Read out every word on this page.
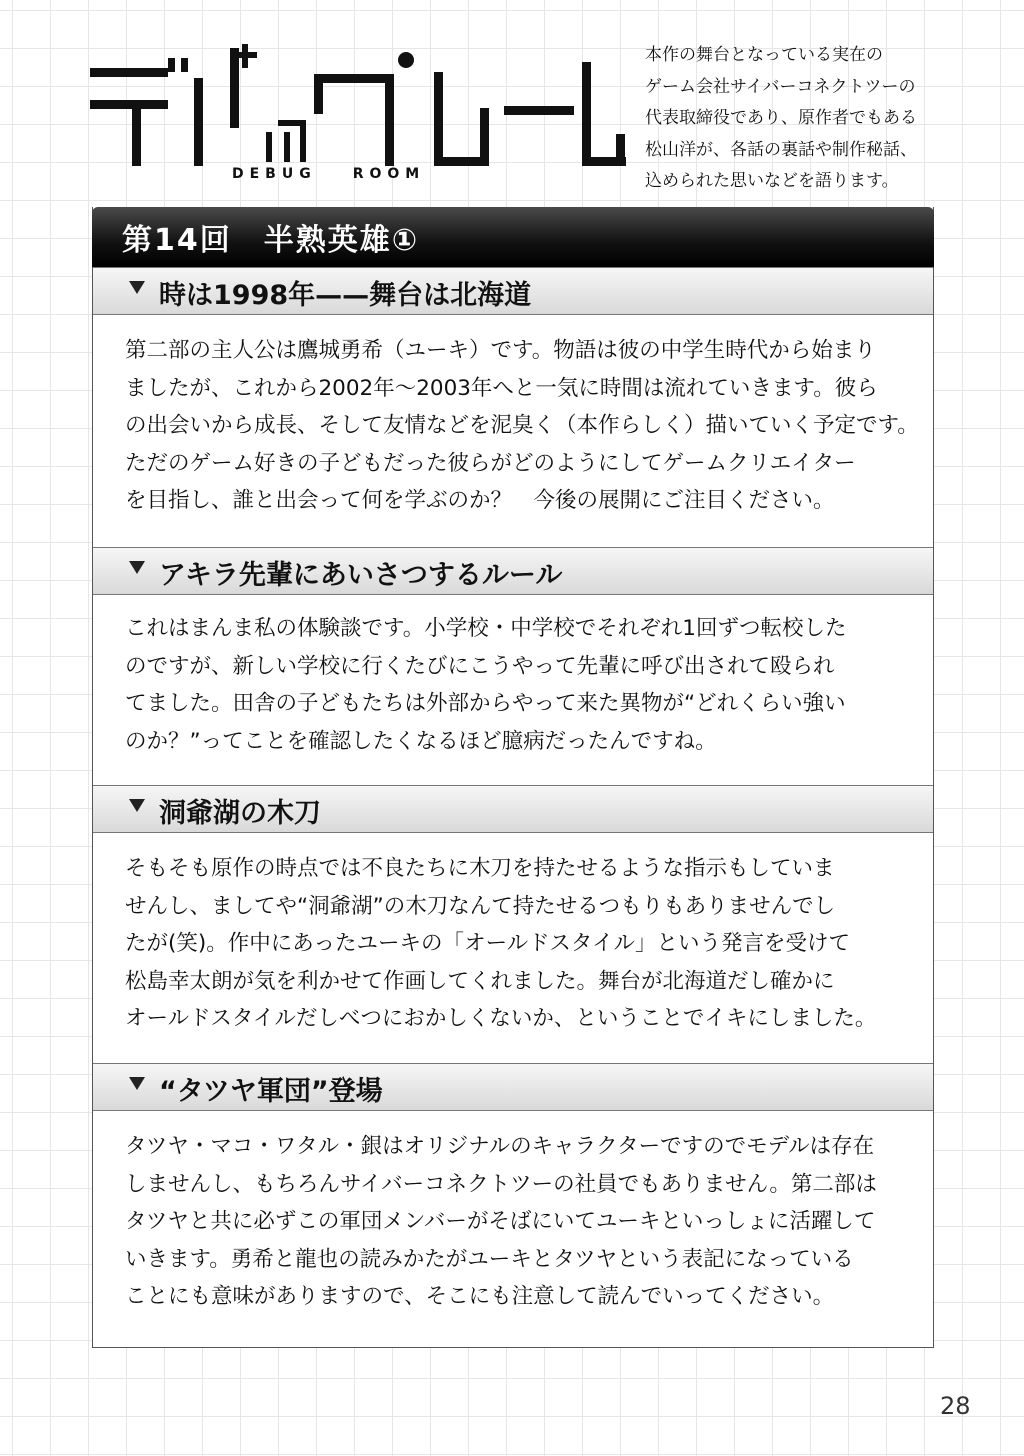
DEBUG	ROOM
本作の舞台となっている実在の
ゲーム会社サイバーコネクトツーの
代表取締役であり、原作者でもある
松山洋が、各話の裏話や制作秘話、
込められた思いなどを語ります。
第14回　半熟英雄①
時は1998年——舞台は北海道
第二部の主人公は鷹城勇希（ユーキ）です。物語は彼の中学生時代から始まり
ましたが、これから2002年～2003年へと一気に時間は流れていきます。彼ら
の出会いから成長、そして友情などを泥臭く（本作らしく）描いていく予定です。
ただのゲーム好きの子どもだった彼らがどのようにしてゲームクリエイター
を目指し、誰と出会って何を学ぶのか？　今後の展開にご注目ください。
アキラ先輩にあいさつするルール
これはまんま私の体験談です。小学校・中学校でそれぞれ1回ずつ転校した
のですが、新しい学校に行くたびにこうやって先輩に呼び出されて殴られ
てました。田舎の子どもたちは外部からやって来た異物が“どれくらい強い
のか？”ってことを確認したくなるほど臆病だったんですね。
洞爺湖の木刀
そもそも原作の時点では不良たちに木刀を持たせるような指示もしていま
せんし、ましてや“洞爺湖”の木刀なんて持たせるつもりもありませんでし
たが(笑)。作中にあったユーキの「オールドスタイル」という発言を受けて
松島幸太朗が気を利かせて作画してくれました。舞台が北海道だし確かに
オールドスタイルだしべつにおかしくないか、ということでイキにしました。
“タツヤ軍団”登場
タツヤ・マコ・ワタル・銀はオリジナルのキャラクターですのでモデルは存在
しませんし、もちろんサイバーコネクトツーの社員でもありません。第二部は
タツヤと共に必ずこの軍団メンバーがそばにいてユーキといっしょに活躍して
いきます。勇希と龍也の読みかたがユーキとタツヤという表記になっている
ことにも意味がありますので、そこにも注意して読んでいってください。
28
